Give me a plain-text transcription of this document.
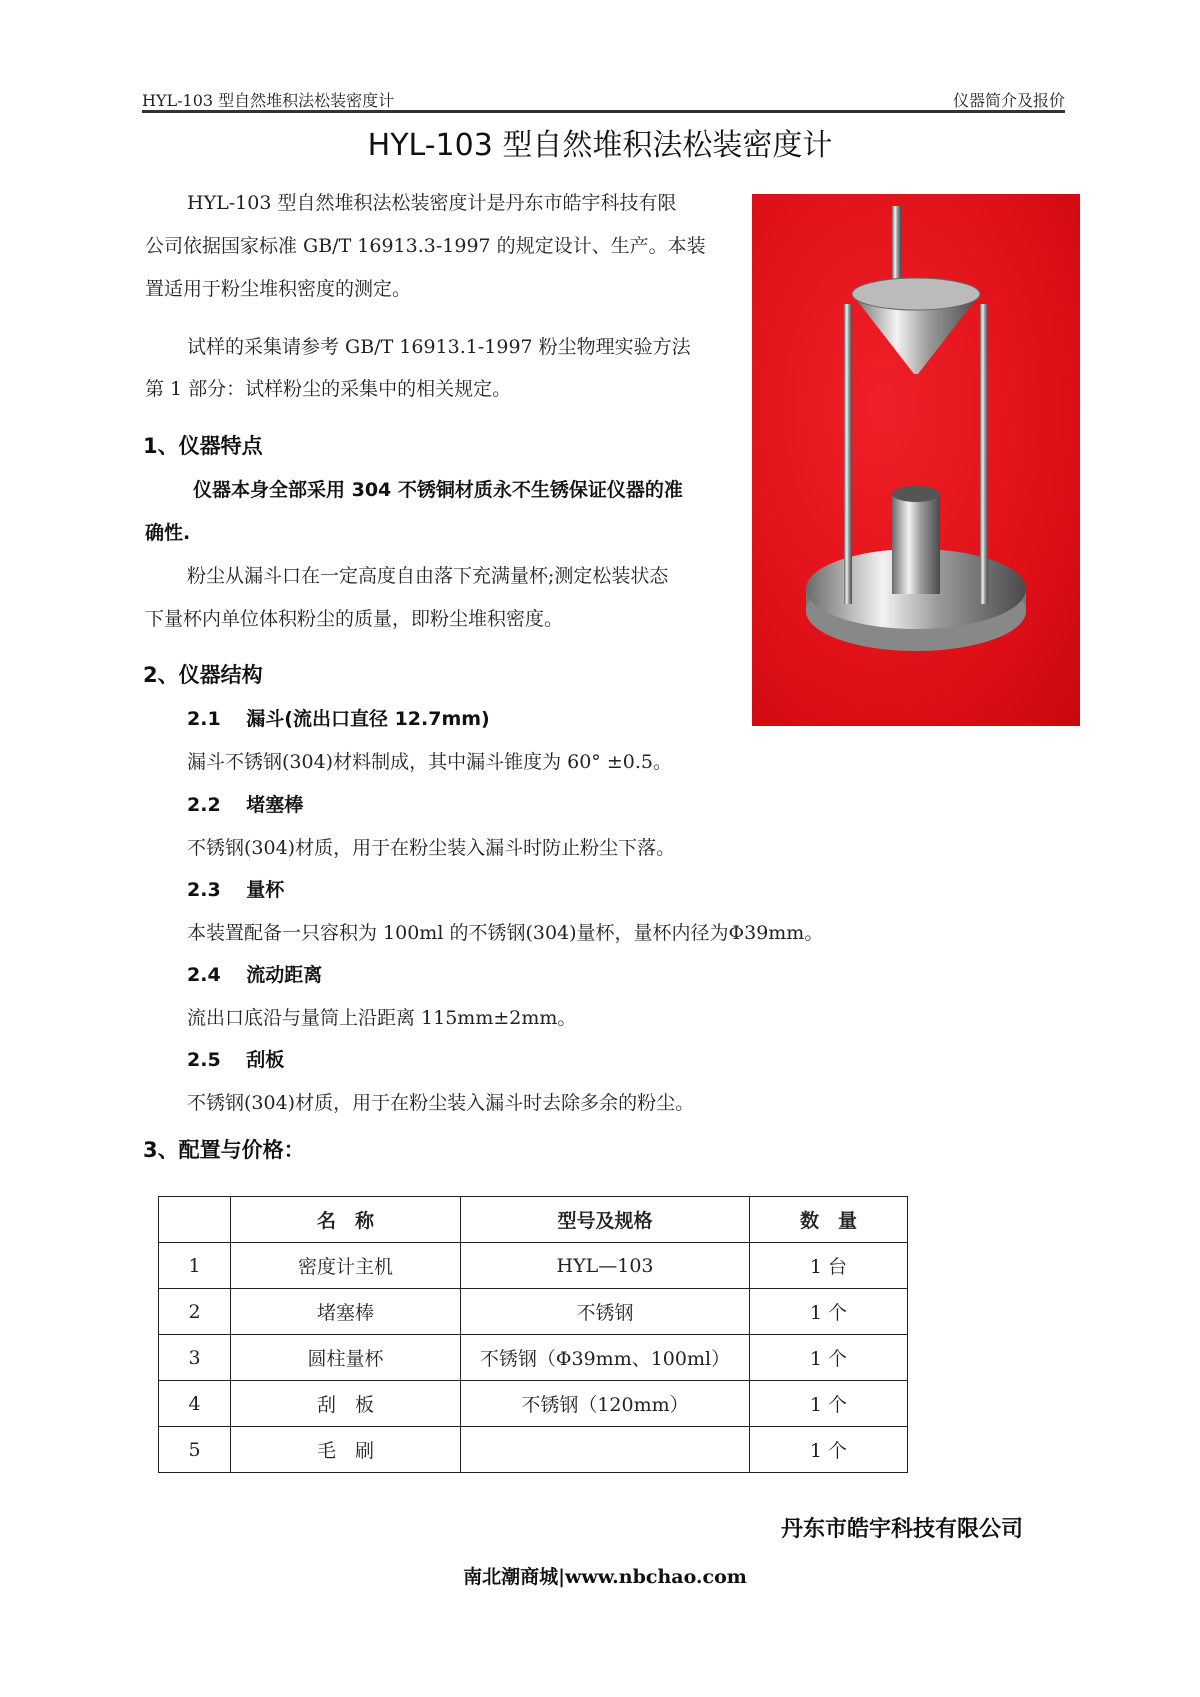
HYL-103 型自然堆积法松装密度计	仪器简介及报价
HYL-103 型自然堆积法松装密度计
HYL-103 型自然堆积法松装密度计是丹东市皓宇科技有限
公司依据国家标准 GB/T 16913.3-1997 的规定设计、生产。本装
置适用于粉尘堆积密度的测定。
试样的采集请参考 GB/T 16913.1-1997 粉尘物理实验方法
第 1 部分：试样粉尘的采集中的相关规定。
1、仪器特点
仪器本身全部采用 304 不锈铜材质永不生锈保证仪器的准
确性.
粉尘从漏斗口在一定高度自由落下充满量杯;测定松装状态
下量杯内单位体积粉尘的质量，即粉尘堆积密度。
2、仪器结构
2.1　 漏斗(流出口直径 12.7mm)
漏斗不锈钢(304)材料制成，其中漏斗锥度为 60° ±0.5。
2.2　 堵塞棒
不锈钢(304)材质，用于在粉尘装入漏斗时防止粉尘下落。
2.3　 量杯
本装置配备一只容积为 100ml 的不锈钢(304)量杯，量杯内径为Φ39mm。
2.4　 流动距离
流出口底沿与量筒上沿距离 115mm±2mm。
2.5　 刮板
不锈钢(304)材质，用于在粉尘装入漏斗时去除多余的粉尘。
3、配置与价格：
	名　称	型号及规格	数　量
1	密度计主机	HYL—103	1 台
2	堵塞棒	不锈钢	1 个
3	圆柱量杯	不锈钢（Φ39mm、100ml）	1 个
4	刮　板	不锈钢（120mm）	1 个
5	毛　刷		1 个
丹东市皓宇科技有限公司
南北潮商城|www.nbchao.com
